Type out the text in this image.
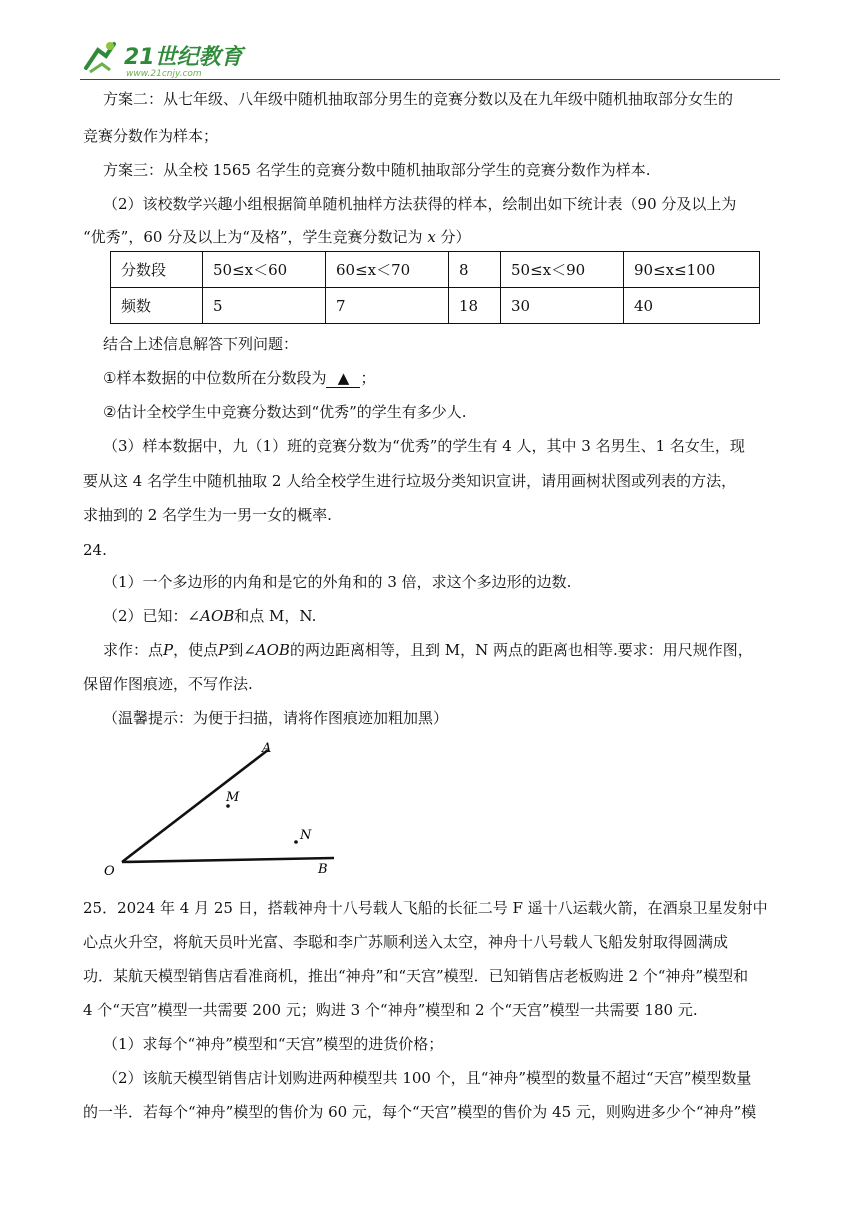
21世纪教育
www.21cnjy.com
方案二：从七年级、八年级中随机抽取部分男生的竞赛分数以及在九年级中随机抽取部分女生的
竞赛分数作为样本；
方案三：从全校 1565 名学生的竞赛分数中随机抽取部分学生的竞赛分数作为样本.
（2）该校数学兴趣小组根据简单随机抽样方法获得的样本，绘制出如下统计表（90 分及以上为
“优秀”，60 分及以上为“及格”，学生竞赛分数记为 x 分）
分数段	50≤x＜60	60≤x＜70	8	50≤x＜90	90≤x≤100
频数	5	7	18	30	40
结合上述信息解答下列问题：
①样本数据的中位数所在分数段为 ▲ ；
②估计全校学生中竞赛分数达到“优秀”的学生有多少人.
（3）样本数据中，九（1）班的竞赛分数为“优秀”的学生有 4 人，其中 3 名男生、1 名女生，现
要从这 4 名学生中随机抽取 2 人给全校学生进行垃圾分类知识宣讲，请用画树状图或列表的方法，
求抽到的 2 名学生为一男一女的概率.
24.
（1）一个多边形的内角和是它的外角和的 3 倍，求这个多边形的边数.
（2）已知：∠AOB和点 M，N.
求作：点P，使点P到∠AOB的两边距离相等，且到 M，N 两点的距离也相等.要求：用尺规作图，
保留作图痕迹，不写作法.
（温馨提示：为便于扫描，请将作图痕迹加粗加黑）
A
O	B
M
N
25．2024 年 4 月 25 日，搭载神舟十八号载人飞船的长征二号 F 遥十八运载火箭，在酒泉卫星发射中
心点火升空，将航天员叶光富、李聪和李广苏顺利送入太空，神舟十八号载人飞船发射取得圆满成
功．某航天模型销售店看准商机，推出“神舟”和“天宫”模型．已知销售店老板购进 2 个“神舟”模型和
4 个“天宫”模型一共需要 200 元；购进 3 个“神舟”模型和 2 个“天宫”模型一共需要 180 元.
（1）求每个“神舟”模型和“天宫”模型的进货价格；
（2）该航天模型销售店计划购进两种模型共 100 个，且“神舟”模型的数量不超过“天宫”模型数量
的一半．若每个“神舟”模型的售价为 60 元，每个“天宫”模型的售价为 45 元，则购进多少个“神舟”模
